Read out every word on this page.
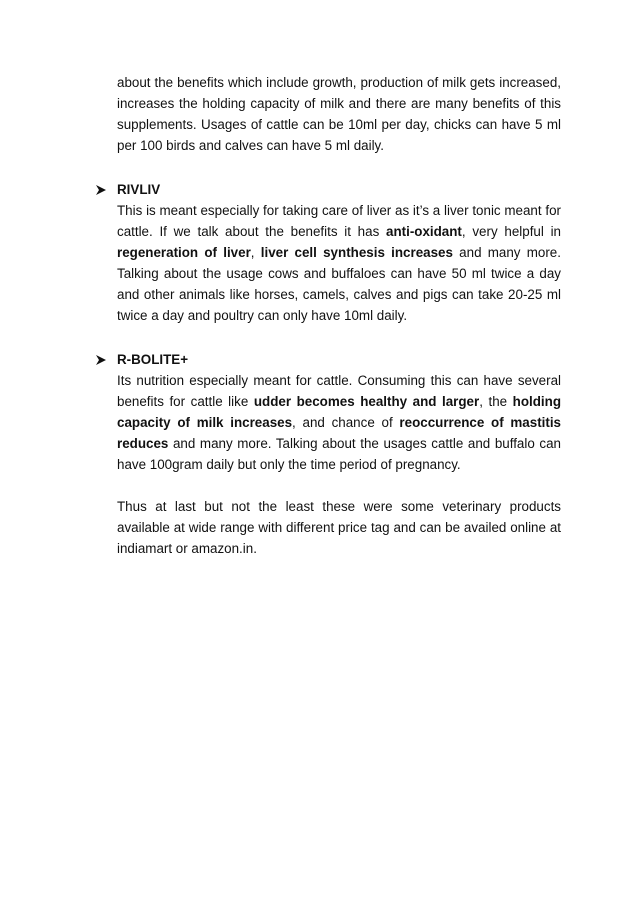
about the benefits which include growth, production of milk gets increased, increases the holding capacity of milk and there are many benefits of this supplements. Usages of cattle can be 10ml per day, chicks can have 5 ml per 100 birds and calves can have 5 ml daily.

RIVLIV

This is meant especially for taking care of liver as it’s a liver tonic meant for cattle. If we talk about the benefits it has anti-oxidant, very helpful in regeneration of liver, liver cell synthesis increases and many more. Talking about the usage cows and buffaloes can have 50 ml twice a day and other animals like horses, camels, calves and pigs can take 20-25 ml twice a day and poultry can only have 10ml daily.

R-BOLITE+

Its nutrition especially meant for cattle. Consuming this can have several benefits for cattle like udder becomes healthy and larger, the holding capacity of milk increases, and chance of reoccurrence of mastitis reduces and many more. Talking about the usages cattle and buffalo can have 100gram daily but only the time period of pregnancy.

Thus at last but not the least these were some veterinary products available at wide range with different price tag and can be availed online at indiamart or amazon.in.
